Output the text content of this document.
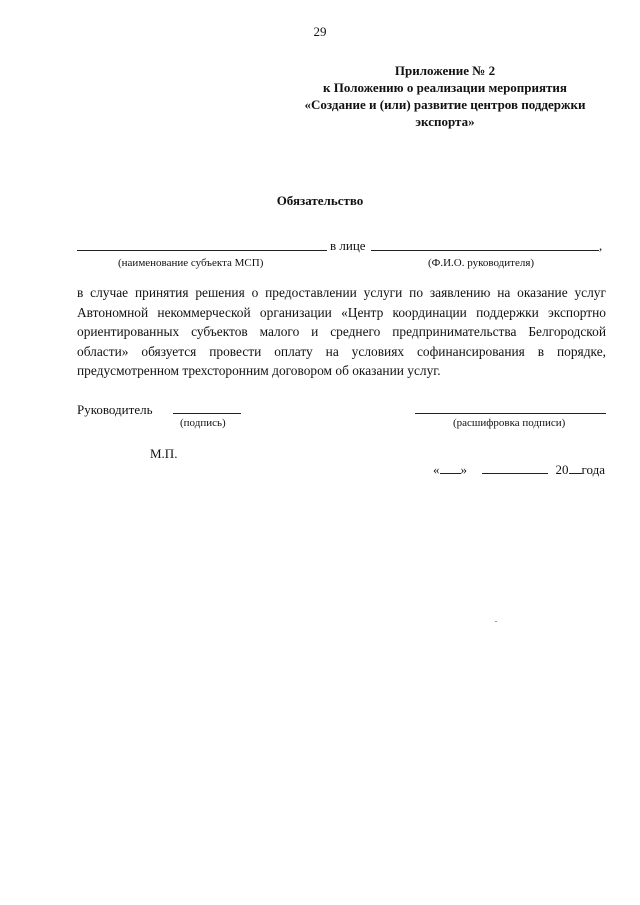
29
Приложение № 2
к Положению о реализации мероприятия
«Создание и (или) развитие центров поддержки
экспорта»
Обязательство
в лице	,
(наименование субъекта МСП)	(Ф.И.О. руководителя)
в случае принятия решения о предоставлении услуги по заявлению на оказание услуг Автономной некоммерческой организации «Центр координации поддержки экспортно ориентированных субъектов малого и среднего предпринимательства Белгородской области» обязуется провести оплату на условиях софинансирования в порядке, предусмотренном трехсторонним договором об оказании услуг.
Руководитель
(подпись)	(расшифровка подписи)
М.П.
« »	20 года
